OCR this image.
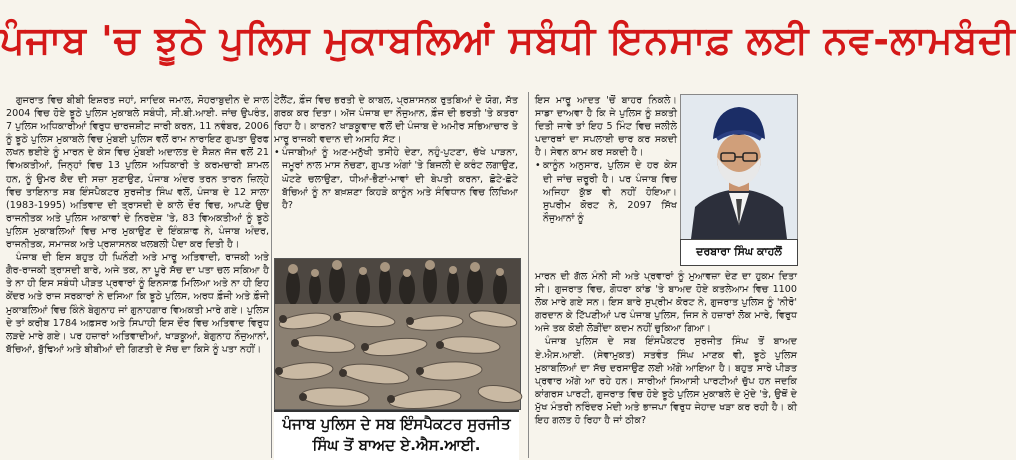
ਪੰਜਾਬ 'ਚ ਝੂਠੇ ਪੁਲਿਸ ਮੁਕਾਬਲਿਆਂ ਸਬੰਧੀ ਇਨਸਾਫ਼ ਲਈ ਨਵ-ਲਾਮਬੰਦੀ

ਗੁਜਰਾਤ ਵਿਚ ਬੀਬੀ ਇਸ਼ਰਤ ਜਹਾਂ, ਸਾਦਿਕ ਜਮਾਲ, ਸੋਹਰਾਬੁਦੀਨ ਦੇ ਸਾਲ 2004 ਵਿਚ ਹੋਏ ਝੂਠੇ ਪੁਲਿਸ ਮੁਕਾਬਲੇ ਸਬੰਧੀ, ਸੀ.ਬੀ.ਆਈ. ਜਾਂਚ ਉਪਰੰਤ, 7 ਪੁਲਿਸ ਅਧਿਕਾਰੀਆਂ ਵਿਰੁਧ ਚਾਰਜਸ਼ੀਟ ਜਾਰੀ ਕਰਨ, 11 ਨਵੰਬਰ, 2006 ਨੂੰ ਝੂਠੇ ਪੁਲਿਸ ਮੁਕਾਬਲੇ ਵਿਚ ਮੁੰਬਈ ਪੁਲਿਸ ਵਲੋਂ ਰਾਮ ਨਾਰਾਇਣ ਗੁਪਤਾ ਉਰਫ ਲਖਨ ਭਈਏ ਨੂੰ ਮਾਰਨ ਦੇ ਕੇਸ ਵਿਚ ਮੁੰਬਈ ਅਦਾਲਤ ਦੇ ਸੈਸ਼ਨ ਜੱਜ ਵਲੋਂ 21 ਵਿਅਕਤੀਆਂ, ਜਿਨ੍ਹਾਂ ਵਿਚ 13 ਪੁਲਿਸ ਅਧਿਕਾਰੀ ਤੇ ਕਰਮਚਾਰੀ ਸ਼ਾਮਲ ਹਨ, ਨੂੰ ਉਮਰ ਕੈਦ ਦੀ ਸਜ਼ਾ ਸੁਣਾਉਣ, ਪੰਜਾਬ ਅੰਦਰ ਤਰਨ ਤਾਰਨ ਜ਼ਿਲ੍ਹੇ ਵਿਚ ਤਾਇਨਾਤ ਸਬ ਇੰਸਪੈਕਟਰ ਸੁਰਜੀਤ ਸਿੰਘ ਵਲੋਂ, ਪੰਜਾਬ ਦੇ 12 ਸਾਲਾ (1983-1995) ਅਤਿਵਾਦ ਦੀ ਤ੍ਰਾਸਦੀ ਦੇ ਕਾਲੇ ਦੌਰ ਵਿਚ, ਆਪਣੇ ਉਚ ਰਾਜਨੀਤਕ ਅਤੇ ਪੁਲਿਸ ਆਕਾਵਾਂ ਦੇ ਨਿਰਦੇਸ਼ 'ਤੇ, 83 ਵਿਅਕਤੀਆਂ ਨੂੰ ਝੂਠੇ ਪੁਲਿਸ ਮੁਕਾਬਲਿਆਂ ਵਿਚ ਮਾਰ ਮੁਕਾਉਣ ਦੇ ਇੰਕਸ਼ਾਫ ਨੇ, ਪੰਜਾਬ ਅੰਦਰ, ਰਾਜਨੀਤਕ, ਸਮਾਜਕ ਅਤੇ ਪ੍ਰਸ਼ਾਸਨਕ ਖਲਬਲੀ ਪੈਦਾ ਕਰ ਦਿਤੀ ਹੈ।

ਪੰਜਾਬ ਦੀ ਇਸ ਬਹੁਤ ਹੀ ਘਿਨੌਣੀ ਅਤੇ ਮਾਰੂ ਅਤਿਵਾਦੀ, ਰਾਜਕੀ ਅਤੇ ਗੈਰ-ਰਾਜਕੀ ਤ੍ਰਾਸਦੀ ਬਾਰੇ, ਅਜੇ ਤਕ, ਨਾ ਪੂਰੇ ਸੱਚ ਦਾ ਪਤਾ ਚਲ ਸਕਿਆ ਹੈ ਤੇ ਨਾ ਹੀ ਇਸ ਸਬੰਧੀ ਪੀੜਤ ਪ੍ਰਵਾਰਾਂ ਨੂੰ ਇਨਸਾਫ਼ ਮਿਲਿਆ ਅਤੇ ਨਾ ਹੀ ਇਹ ਕੇਂਦਰ ਅਤੇ ਰਾਜ ਸਰਕਾਰਾਂ ਨੇ ਦਸਿਆ ਕਿ ਝੂਠੇ ਪੁਲਿਸ, ਅਰਧ ਫ਼ੌਜੀ ਅਤੇ ਫ਼ੌਜੀ ਮੁਕਾਬਲਿਆਂ ਵਿਚ ਕਿੰਨੇ ਬੇਗੁਨਾਹ ਜਾਂ ਗੁਨਾਹਗਾਰ ਵਿਅਕਤੀ ਮਾਰੇ ਗਏ। ਪੁਲਿਸ ਦੇ ਤਾਂ ਕਰੀਬ 1784 ਅਫ਼ਸਰ ਅਤੇ ਸਿਪਾਹੀ ਇਸ ਦੌਰ ਵਿਚ ਅਤਿਵਾਦ ਵਿਰੁਧ ਲੜਦੇ ਮਾਰੇ ਗਏ। ਪਰ ਹਜ਼ਾਰਾਂ ਅਤਿਵਾਦੀਆਂ, ਖਾੜਕੂਆਂ, ਬੇਗੁਨਾਹ ਨੌਜੁਆਨਾਂ, ਬੱਚਿਆਂ, ਬੁੱਢਿਆਂ ਅਤੇ ਬੀਬੀਆਂ ਦੀ ਗਿਣਤੀ ਦੇ ਸੱਚ ਦਾ ਕਿਸੇ ਨੂੰ ਪਤਾ ਨਹੀਂ।

ਟੇਲੈਂਟ, ਫ਼ੌਜ ਵਿਚ ਭਰਤੀ ਦੇ ਕਾਬਲ, ਪ੍ਰਸ਼ਾਸਨਕ ਰੁਤਬਿਆਂ ਦੇ ਯੋਗ, ਸੱਤ ਗਰਕ ਕਰ ਦਿਤਾ। ਅੱਜ ਪੰਜਾਬ ਦਾ ਨੌਜੁਆਨ, ਫ਼ੌਜ ਦੀ ਭਰਤੀ 'ਤੇ ਕਤਰਾ ਰਿਹਾ ਹੈ। ਕਾਰਨ? ਖਾੜਕੂਵਾਦ ਵਲੋਂ ਦੀ ਪੰਜਾਬ ਦੇ ਅਮੀਰ ਸਭਿਆਚਾਰ ਤੇ ਮਾਰੂ ਰਾਜਕੀ ਵਦਾਨ ਦੀ ਅਸਹਿ ਸੱਟ।

• ਪੰਜਾਬੀਆਂ ਨੂੰ ਅਣ-ਮਨੁੱਖੀ ਤਸੀਹੇ ਦੇਣਾ, ਨਹੁੰ-ਪੁਟਣਾ, ਚੱਖੇ ਪਾੜਨਾ, ਜਮੂਰਾਂ ਨਾਲ ਮਾਸ ਨੋਚਣਾ, ਗੁਪਤ ਅੰਗਾਂ 'ਤੇ ਬਿਜਲੀ ਦੇ ਕਰੰਟ ਲਗਾਉਣ, ਘੋਟਣੇ ਚਲਾਉਣਾ, ਧੀਆਂ-ਭੈਣਾਂ-ਮਾਵਾਂ ਦੀ ਬੇਪਤੀ ਕਰਨਾ, ਛੋਟੇ-ਛੋਟੇ ਬੱਚਿਆਂ ਨੂੰ ਨਾ ਬਖ਼ਸ਼ਣਾ ਕਿਹੜੇ ਕਾਨੂੰਨ ਅਤੇ ਸੰਵਿਧਾਨ ਵਿਚ ਲਿਖਿਆ ਹੈ?

ਪੰਜਾਬ ਪੁਲਿਸ ਦੇ ਸਬ ਇੰਸਪੈਕਟਰ ਸੁਰਜੀਤ ਸਿੰਘ ਤੋਂ ਬਾਅਦ ਏ.ਐਸ.ਆਈ.

ਇਸ ਮਾਰੂ ਆਦਤ 'ਚੋਂ ਬਾਹਰ ਨਿਕਲੇ। ਸਾਡਾ ਦਾਅਵਾ ਹੈ ਕਿ ਜੇ ਪੁਲਿਸ ਨੂੰ ਸ਼ਕਤੀ ਦਿਤੀ ਜਾਵੇ ਤਾਂ ਇਹ 5 ਮਿੰਟ ਵਿਚ ਜਲੀਲੇ ਪਦਾਰਥਾਂ ਦਾ ਸਪਲਾਈ ਚਾਰ ਕਰ ਸਕਦੀ ਹੈ। ਸੇਵਨ ਕਾਮ ਕਰ ਸਕਦੀ ਹੈ।

• ਕਾਨੂੰਨ ਅਨੁਸਾਰ, ਪੁਲਿਸ ਦੇ ਹਰ ਕੇਸ ਦੀ ਜਾਂਚ ਜ਼ਰੂਰੀ ਹੈ। ਪਰ ਪੰਜਾਬ ਵਿਚ ਅਜਿਹਾ ਕੁੱਝ ਵੀ ਨਹੀਂ ਹੋਇਆ। ਸੁਪਰੀਮ ਕੋਰਟ ਨੇ, 2097 ਸਿੱਖ ਨੌਜੁਆਨਾਂ ਨੂੰ

ਦਰਬਾਰਾ ਸਿੰਘ ਕਾਹਲੋਂ

ਮਾਰਨ ਦੀ ਗੱਲ ਮੰਨੀ ਸੀ ਅਤੇ ਪ੍ਰਵਾਰਾਂ ਨੂੰ ਮੁਆਵਜ਼ਾ ਦੇਣ ਦਾ ਹੁਕਮ ਦਿਤਾ ਸੀ। ਗੁਜਰਾਤ ਵਿਚ, ਗੋਧਰਾ ਕਾਂਡ 'ਤੇ ਬਾਅਦ ਹੋਏ ਕਤਲੇਆਮ ਵਿਚ 1100 ਲੋਕ ਮਾਰੇ ਗਏ ਸਨ। ਇਸ ਬਾਰੇ ਸੁਪ੍ਰੀਮ ਕੋਰਟ ਨੇ, ਗੁਜਰਾਤ ਪੁਲਿਸ ਨੂੰ 'ਨੀਰੋ' ਗਰਦਾਨ ਕੇ ਟਿੱਪਣੀਆਂ ਪਰ ਪੰਜਾਬ ਪੁਲਿਸ, ਜਿਸ ਨੇ ਹਜ਼ਾਰਾਂ ਲੋਕ ਮਾਰੇ, ਵਿਰੁਧ ਅਜੇ ਤਕ ਕੋਈ ਲੋੜੀਂਦਾ ਕਦਮ ਨਹੀਂ ਚੁਕਿਆ ਗਿਆ।

ਪੰਜਾਬ ਪੁਲਿਸ ਦੇ ਸਬ ਇੰਸਪੈਕਟਰ ਸੁਰਜੀਤ ਸਿੰਘ ਤੋਂ ਬਾਅਦ ਏ.ਐਸ.ਆਈ. (ਸੇਵਾਮੁਕਤ) ਸਤਵੰਤ ਸਿੰਘ ਮਾਣਕ ਵੀ, ਝੂਠੇ ਪੁਲਿਸ ਮੁਕਾਬਲਿਆਂ ਦਾ ਸੱਚ ਦਰਸਾਉਣ ਲਈ ਅੱਗੇ ਆਇਆ ਹੈ। ਬਹੁਤ ਸਾਰੇ ਪੀੜਤ ਪ੍ਰਵਾਰ ਅੱਗੇ ਆ ਰਹੇ ਹਨ। ਸਾਰੀਆਂ ਸਿਆਸੀ ਪਾਰਟੀਆਂ ਚੁੱਪ ਹਨ ਜਦਕਿ ਕਾਂਗਰਸ ਪਾਰਟੀ, ਗੁਜਰਾਤ ਵਿਚ ਹੋਏ ਝੂਠੇ ਪੁਲਿਸ ਮੁਕਾਬਲੇ ਦੇ ਮੁੱਦੇ 'ਤੇ, ਉਥੋਂ ਦੇ ਮੁੱਖ ਮੰਤਰੀ ਨਰਿੰਦਰ ਮੋਦੀ ਅਤੇ ਭਾਜਪਾ ਵਿਰੁਧ ਜੇਹਾਦ ਖੜਾ ਕਰ ਰਹੀ ਹੈ। ਕੀ ਇਹ ਗਲਤ ਹੋ ਰਿਹਾ ਹੈ ਜਾਂ ਠੀਕ?
